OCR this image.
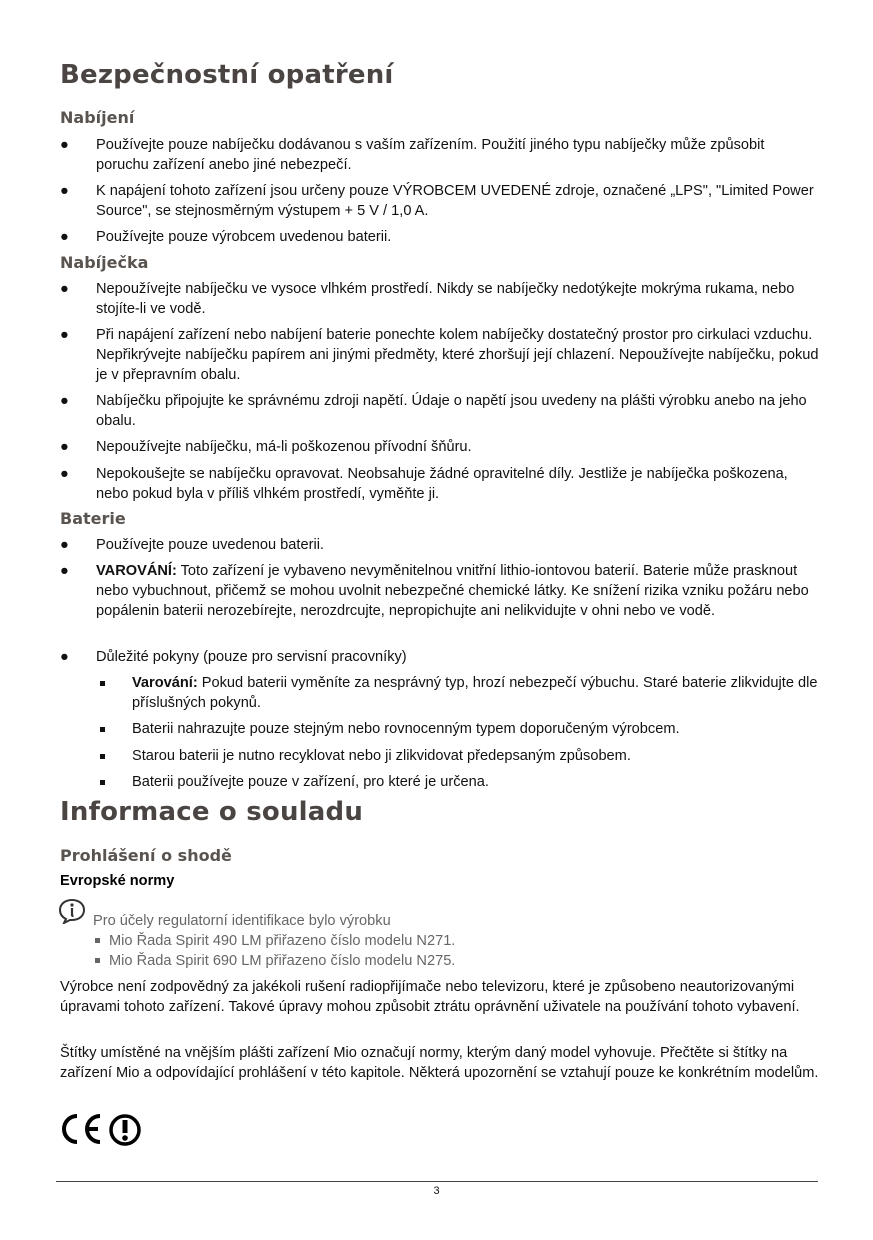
Bezpečnostní opatření
Nabíjení
●	Používejte pouze nabíječku dodávanou s vaším zařízením. Použití jiného typu nabíječky může způsobit poruchu zařízení anebo jiné nebezpečí.
●	K napájení tohoto zařízení jsou určeny pouze VÝROBCEM UVEDENÉ zdroje, označené „LPS", "Limited Power Source", se stejnosměrným výstupem + 5 V / 1,0 A.
●	Používejte pouze výrobcem uvedenou baterii.
Nabíječka
●	Nepoužívejte nabíječku ve vysoce vlhkém prostředí. Nikdy se nabíječky nedotýkejte mokrýma rukama, nebo stojíte-li ve vodě.
●	Při napájení zařízení nebo nabíjení baterie ponechte kolem nabíječky dostatečný prostor pro cirkulaci vzduchu. Nepřikrývejte nabíječku papírem ani jinými předměty, které zhoršují její chlazení. Nepoužívejte nabíječku, pokud je v přepravním obalu.
●	Nabíječku připojujte ke správnému zdroji napětí. Údaje o napětí jsou uvedeny na plášti výrobku anebo na jeho obalu.
●	Nepoužívejte nabíječku, má-li poškozenou přívodní šňůru.
●	Nepokoušejte se nabíječku opravovat. Neobsahuje žádné opravitelné díly. Jestliže je nabíječka poškozena, nebo pokud byla v příliš vlhkém prostředí, vyměňte ji.
Baterie
●	Používejte pouze uvedenou baterii.
●	VAROVÁNÍ: Toto zařízení je vybaveno nevyměnitelnou vnitřní lithio-iontovou baterií. Baterie může prasknout nebo vybuchnout, přičemž se mohou uvolnit nebezpečné chemické látky. Ke snížení rizika vzniku požáru nebo popálenin baterii nerozebírejte, nerozdrcujte, nepropichujte ani nelikvidujte v ohni nebo ve vodě.
●	Důležité pokyny (pouze pro servisní pracovníky)
Varování: Pokud baterii vyměníte za nesprávný typ, hrozí nebezpečí výbuchu. Staré baterie zlikvidujte dle příslušných pokynů.
Baterii nahrazujte pouze stejným nebo rovnocenným typem doporučeným výrobcem.
Starou baterii je nutno recyklovat nebo ji zlikvidovat předepsaným způsobem.
Baterii používejte pouze v zařízení, pro které je určena.
Informace o souladu
Prohlášení o shodě
Evropské normy
Pro účely regulatorní identifikace bylo výrobku
Mio Řada Spirit 490 LM přiřazeno číslo modelu N271.
Mio Řada Spirit 690 LM přiřazeno číslo modelu N275.

Výrobce není zodpovědný za jakékoli rušení radiopřijímače nebo televizoru, které je způsobeno neautorizovanými úpravami tohoto zařízení. Takové úpravy mohou způsobit ztrátu oprávnění uživatele na používání tohoto vybavení.

Štítky umístěné na vnějším plášti zařízení Mio označují normy, kterým daný model vyhovuje. Přečtěte si štítky na zařízení Mio a odpovídající prohlášení v této kapitole. Některá upozornění se vztahují pouze ke konkrétním modelům.

3
